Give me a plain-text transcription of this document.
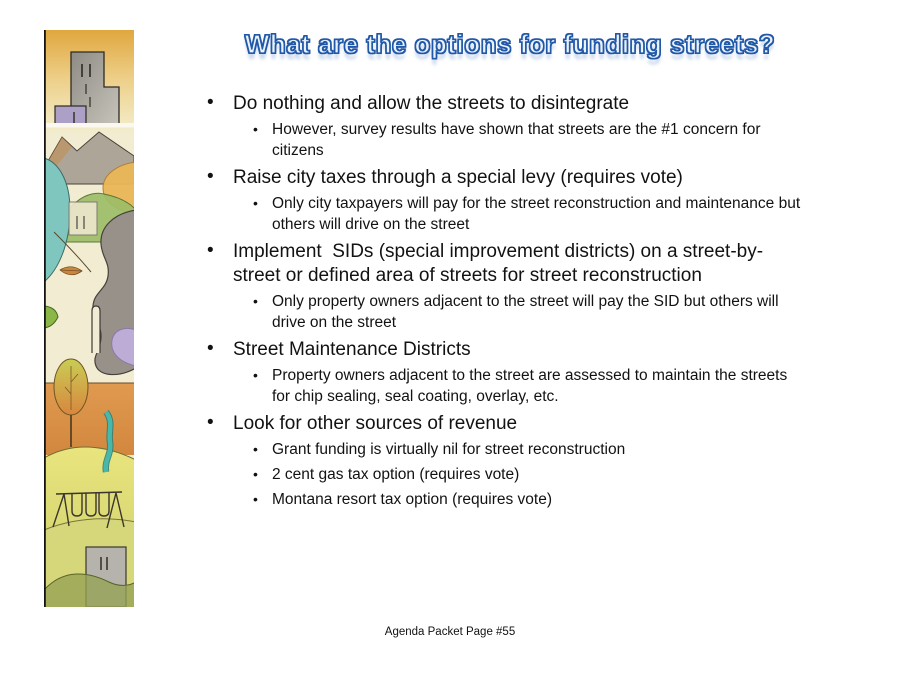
What are the options for funding streets?
• Do nothing and allow the streets to disintegrate
• However, survey results have shown that streets are the #1 concern for citizens
• Raise city taxes through a special levy (requires vote)
• Only city taxpayers will pay for the street reconstruction and maintenance but others will drive on the street
• Implement  SIDs (special improvement districts) on a street-by-street or defined area of streets for street reconstruction
• Only property owners adjacent to the street will pay the SID but others will drive on the street
• Street Maintenance Districts
• Property owners adjacent to the street are assessed to maintain the streets for chip sealing, seal coating, overlay, etc.
• Look for other sources of revenue
• Grant funding is virtually nil for street reconstruction
• 2 cent gas tax option (requires vote)
• Montana resort tax option (requires vote)
Agenda Packet Page #55
